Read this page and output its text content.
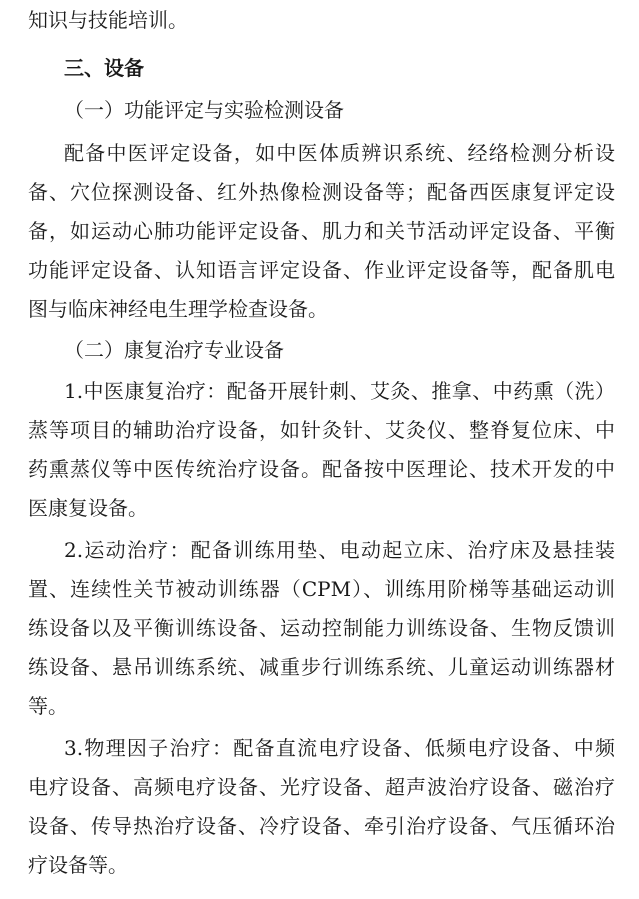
知识与技能培训。
三、设备
（一）功能评定与实验检测设备
配备中医评定设备，如中医体质辨识系统、经络检测分析设
备、穴位探测设备、红外热像检测设备等；配备西医康复评定设
备，如运动心肺功能评定设备、肌力和关节活动评定设备、平衡
功能评定设备、认知语言评定设备、作业评定设备等，配备肌电
图与临床神经电生理学检查设备。
（二）康复治疗专业设备
1.中医康复治疗：配备开展针刺、艾灸、推拿、中药熏（洗）
蒸等项目的辅助治疗设备，如针灸针、艾灸仪、整脊复位床、中
药熏蒸仪等中医传统治疗设备。配备按中医理论、技术开发的中
医康复设备。
2.运动治疗：配备训练用垫、电动起立床、治疗床及悬挂装
置、连续性关节被动训练器（CPM）、训练用阶梯等基础运动训
练设备以及平衡训练设备、运动控制能力训练设备、生物反馈训
练设备、悬吊训练系统、减重步行训练系统、儿童运动训练器材
等。
3.物理因子治疗：配备直流电疗设备、低频电疗设备、中频
电疗设备、高频电疗设备、光疗设备、超声波治疗设备、磁治疗
设备、传导热治疗设备、冷疗设备、牵引治疗设备、气压循环治
疗设备等。
